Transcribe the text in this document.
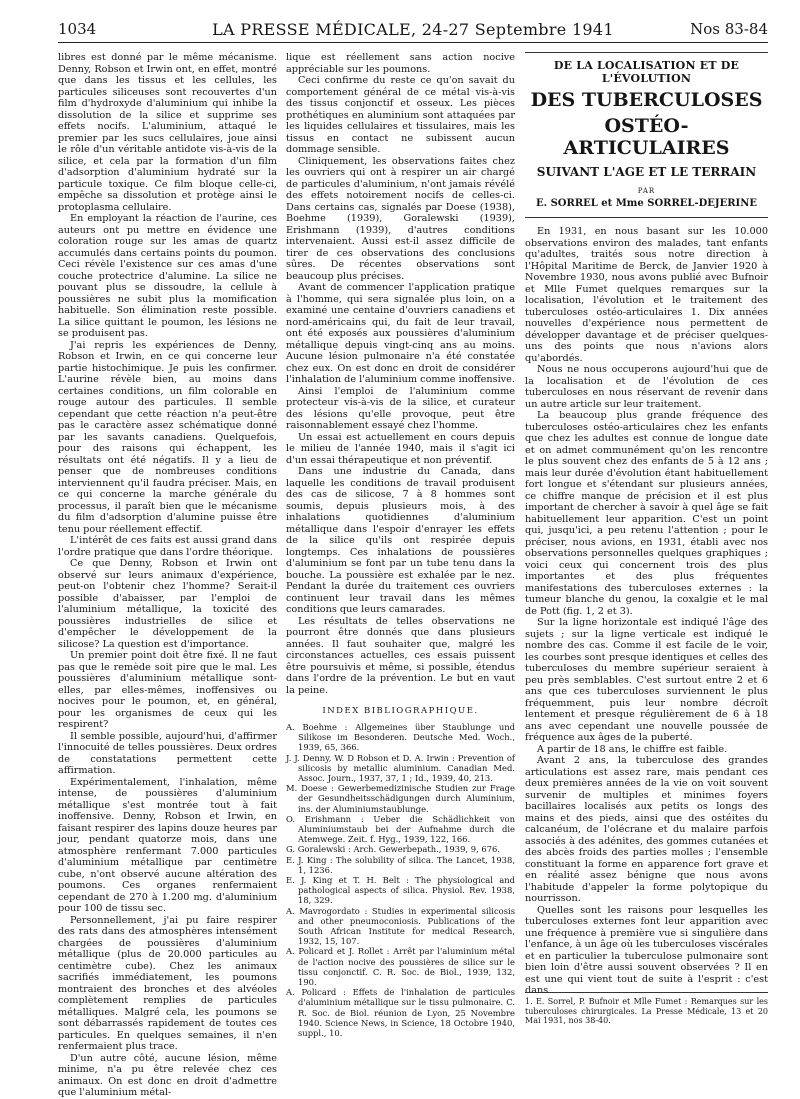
1034	LA PRESSE MÉDICALE, 24-27 Septembre 1941	Nos 83-84

libres est donné par le même mécanisme. Denny, Robson et Irwin ont, en effet, montré que dans les tissus et les cellules, les particules siliceuses sont recouvertes d'un film d'hydroxyde d'aluminium qui inhibe la dissolution de la silice et supprime ses effets nocifs. L'aluminium, attaqué le premier par les sucs cellulaires, joue ainsi le rôle d'un véritable antidote vis-à-vis de la silice, et cela par la formation d'un film d'adsorption d'aluminium hydraté sur la particule toxique. Ce film bloque celle-ci, empêche sa dissolution et protège ainsi le protoplasma cellulaire.

En employant la réaction de l'aurine, ces auteurs ont pu mettre en évidence une coloration rouge sur les amas de quartz accumulés dans certains points du poumon. Ceci révèle l'existence sur ces amas d'une couche protectrice d'alumine. La silice ne pouvant plus se dissoudre, la cellule à poussières ne subit plus la momification habituelle. Son élimination reste possible. La silice quittant le poumon, les lésions ne se produisent pas.

J'ai repris les expériences de Denny, Robson et Irwin, en ce qui concerne leur partie histochimique. Je puis les confirmer. L'aurine révèle bien, au moins dans certaines conditions, un film colorable en rouge autour des particules. Il semble cependant que cette réaction n'a peut-être pas le caractère assez schématique donné par les savants canadiens. Quelquefois, pour des raisons qui échappent, les résultats ont été négatifs. Il y a lieu de penser que de nombreuses conditions interviennent qu'il faudra préciser. Mais, en ce qui concerne la marche générale du processus, il paraît bien que le mécanisme du film d'adsorption d'alumine puisse être tenu pour réellement effectif.

L'intérêt de ces faits est aussi grand dans l'ordre pratique que dans l'ordre théorique.

Ce que Denny, Robson et Irwin ont observé sur leurs animaux d'expérience, peut-on l'obtenir chez l'homme? Serait-il possible d'abaisser, par l'emploi de l'aluminium métallique, la toxicité des poussières industrielles de silice et d'empêcher le développement de la silicose? La question est d'importance.

Un premier point doit être fixé. Il ne faut pas que le remède soit pire que le mal. Les poussières d'aluminium métallique sont-elles, par elles-mêmes, inoffensives ou nocives pour le poumon, et, en général, pour les organismes de ceux qui les respirent?

Il semble possible, aujourd'hui, d'affirmer l'innocuité de telles poussières. Deux ordres de constatations permettent cette affirmation.

Expérimentalement, l'inhalation, même intense, de poussières d'aluminium métallique s'est montrée tout à fait inoffensive. Denny, Robson et Irwin, en faisant respirer des lapins douze heures par jour, pendant quatorze mois, dans une atmosphère renfermant 7.000 particules d'aluminium métallique par centimètre cube, n'ont observé aucune altération des poumons. Ces organes renfermaient cependant de 270 à 1.200 mg. d'aluminium pour 100 de tissu sec.

Personnellement, j'ai pu faire respirer des rats dans des atmosphères intensément chargées de poussières d'aluminium métallique (plus de 20.000 particules au centimètre cube). Chez les animaux sacrifiés immédiatement, les poumons montraient des bronches et des alvéoles complètement remplies de particules métalliques. Malgré cela, les poumons se sont débarrassés rapidement de toutes ces particules. En quelques semaines, il n'en renfermaient plus trace.

D'un autre côté, aucune lésion, même minime, n'a pu être relevée chez ces animaux. On est donc en droit d'admettre que l'aluminium métal-

lique est réellement sans action nocive appréciable sur les poumons.

Ceci confirme du reste ce qu'on savait du comportement général de ce métal vis-à-vis des tissus conjonctif et osseux. Les pièces prothétiques en aluminium sont attaquées par les liquides cellulaires et tissulaires, mais les tissus en contact ne subissent aucun dommage sensible.

Cliniquement, les observations faites chez les ouvriers qui ont à respirer un air chargé de particules d'aluminium, n'ont jamais révélé des effets notoirement nocifs de celles-ci. Dans certains cas, signalés par Doese (1938), Boehme (1939), Goralewski (1939), Erishmann (1939), d'autres conditions intervenaient. Aussi est-il assez difficile de tirer de ces observations des conclusions sûres. De récentes observations sont beaucoup plus précises.

Avant de commencer l'application pratique à l'homme, qui sera signalée plus loin, on a examiné une centaine d'ouvriers canadiens et nord-américains qui, du fait de leur travail, ont été exposés aux poussières d'aluminium métallique depuis vingt-cinq ans au moins. Aucune lésion pulmonaire n'a été constatée chez eux. On est donc en droit de considérer l'inhalation de l'aluminium comme inoffensive.

Ainsi l'emploi de l'aluminium comme protecteur vis-à-vis de la silice, et curateur des lésions qu'elle provoque, peut être raisonnablement essayé chez l'homme.

Un essai est actuellement en cours depuis le milieu de l'année 1940, mais il s'agit ici d'un essai thérapeutique et non préventif.

Dans une industrie du Canada, dans laquelle les conditions de travail produisent des cas de silicose, 7 à 8 hommes sont soumis, depuis plusieurs mois, à des inhalations quotidiennes d'aluminium métallique dans l'espoir d'enrayer les effets de la silice qu'ils ont respirée depuis longtemps. Ces inhalations de poussières d'aluminium se font par un tube tenu dans la bouche. La poussière est exhalée par le nez. Pendant la durée du traitement ces ouvriers continuent leur travail dans les mêmes conditions que leurs camarades.

Les résultats de telles observations ne pourront être donnés que dans plusieurs années. Il faut souhaiter que, malgré les circonstances actuelles, ces essais puissent être poursuivis et même, si possible, étendus dans l'ordre de la prévention. Le but en vaut la peine.

INDEX BIBLIOGRAPHIQUE.
A. Boehme : Allgemeines über Staublunge und Silikose im Besonderen. Deutsche Med. Woch., 1939, 65, 366.
J. J. Denny, W. D Robson et D. A. Irwin : Prevention of silicosis by metallic aluminium. Canadian Med. Assoc. Journ., 1937, 37, 1 ; Id., 1939, 40, 213.
M. Doese : Gewerbemedizinische Studien zur Frage der Gesundheitsschädigungen durch Aluminium, ins. der Aluminiumstaublunge.
O. Erishmann : Ueber die Schädlichkeit von Aluminiumstaub bei der Aufnahme durch die Atemwege. Zeit. f. Hyg., 1939, 122, 166.
G. Goralewski : Arch. Gewerbepath., 1939, 9, 676.
E. J. King : The solubility of silica. The Lancet, 1938, 1, 1236.
E. J. King et T. H. Belt : The physiological and pathological aspects of silica. Physiol. Rev. 1938, 18, 329.
A. Mavrogordato : Studies in experimental silicosis and other pneumoconiosis. Publications of the South African Institute for medical Research, 1932, 15, 107.
A. Policard et J. Rollet : Arrêt par l'aluminium métal de l'action nocive des poussières de silice sur le tissu conjonctif. C. R. Soc. de Biol., 1939, 132, 190.
A. Policard : Effets de l'inhalation de particules d'aluminium métallique sur le tissu pulmonaire. C. R. Soc. de Biol. réunion de Lyon, 25 Novembre 1940. Science News, in Science, 18 Octobre 1940, suppl., 10.
DE LA LOCALISATION ET DE L'ÉVOLUTION
DES TUBERCULOSES
OSTÉO-ARTICULAIRES
SUIVANT L'AGE ET LE TERRAIN
PAR
E. SORREL et Mme SORREL-DEJERINE

En 1931, en nous basant sur les 10.000 observations environ des malades, tant enfants qu'adultes, traités sous notre direction à l'Hôpital Maritime de Berck, de Janvier 1920 à Novembre 1930, nous avons publié avec Bufnoir et Mlle Fumet quelques remarques sur la localisation, l'évolution et le traitement des tuberculoses ostéo-articulaires 1. Dix années nouvelles d'expérience nous permettent de développer davantage et de préciser quelques-uns des points que nous n'avions alors qu'abordés.

Nous ne nous occuperons aujourd'hui que de la localisation et de l'évolution de ces tuberculoses en nous réservant de revenir dans un autre article sur leur traitement.

La beaucoup plus grande fréquence des tuberculoses ostéo-articulaires chez les enfants que chez les adultes est connue de longue date et on admet communément qu'on les rencontre le plus souvent chez des enfants de 5 à 12 ans ; mais leur durée d'évolution étant habituellement fort longue et s'étendant sur plusieurs années, ce chiffre manque de précision et il est plus important de chercher à savoir à quel âge se fait habituellement leur apparition. C'est un point qui, jusqu'ici, a peu retenu l'attention ; pour le préciser, nous avions, en 1931, établi avec nos observations personnelles quelques graphiques ; voici ceux qui concernent trois des plus importantes et des plus fréquentes manifestations des tuberculoses externes : la tumeur blanche du genou, la coxalgie et le mal de Pott (fig. 1, 2 et 3).

Sur la ligne horizontale est indiqué l'âge des sujets ; sur la ligne verticale est indiqué le nombre des cas. Comme il est facile de le voir, les courbes sont presque identiques et celles des tuberculoses du membre supérieur seraient à peu près semblables. C'est surtout entre 2 et 6 ans que ces tuberculoses surviennent le plus fréquemment, puis leur nombre décroît lentement et presque régulièrement de 6 à 18 ans avec cependant une nouvelle poussée de fréquence aux âges de la puberté.

A partir de 18 ans, le chiffre est faible.

Avant 2 ans, la tuberculose des grandes articulations est assez rare, mais pendant ces deux premières années de la vie on voit souvent survenir de multiples et minimes foyers bacillaires localisés aux petits os longs des mains et des pieds, ainsi que des ostéites du calcanéum, de l'olécrane et du malaire parfois associés à des adénites, des gommes cutanées et des abcès froids des parties molles ; l'ensemble constituant la forme en apparence fort grave et en réalité assez bénigne que nous avons l'habitude d'appeler la forme polytopique du nourrisson.

Quelles sont les raisons pour lesquelles les tuberculoses externes font leur apparition avec une fréquence à première vue si singulière dans l'enfance, à un âge où les tuberculoses viscérales et en particulier la tuberculose pulmonaire sont bien loin d'être aussi souvent observées ? Il en est une qui vient tout de suite à l'esprit : c'est dans

1. E. Sorrel, P. Bufnoir et Mlle Fumet : Remarques sur les tuberculoses chirurgicales. La Presse Médicale, 13 et 20 Mai 1931, nos 38-40.
